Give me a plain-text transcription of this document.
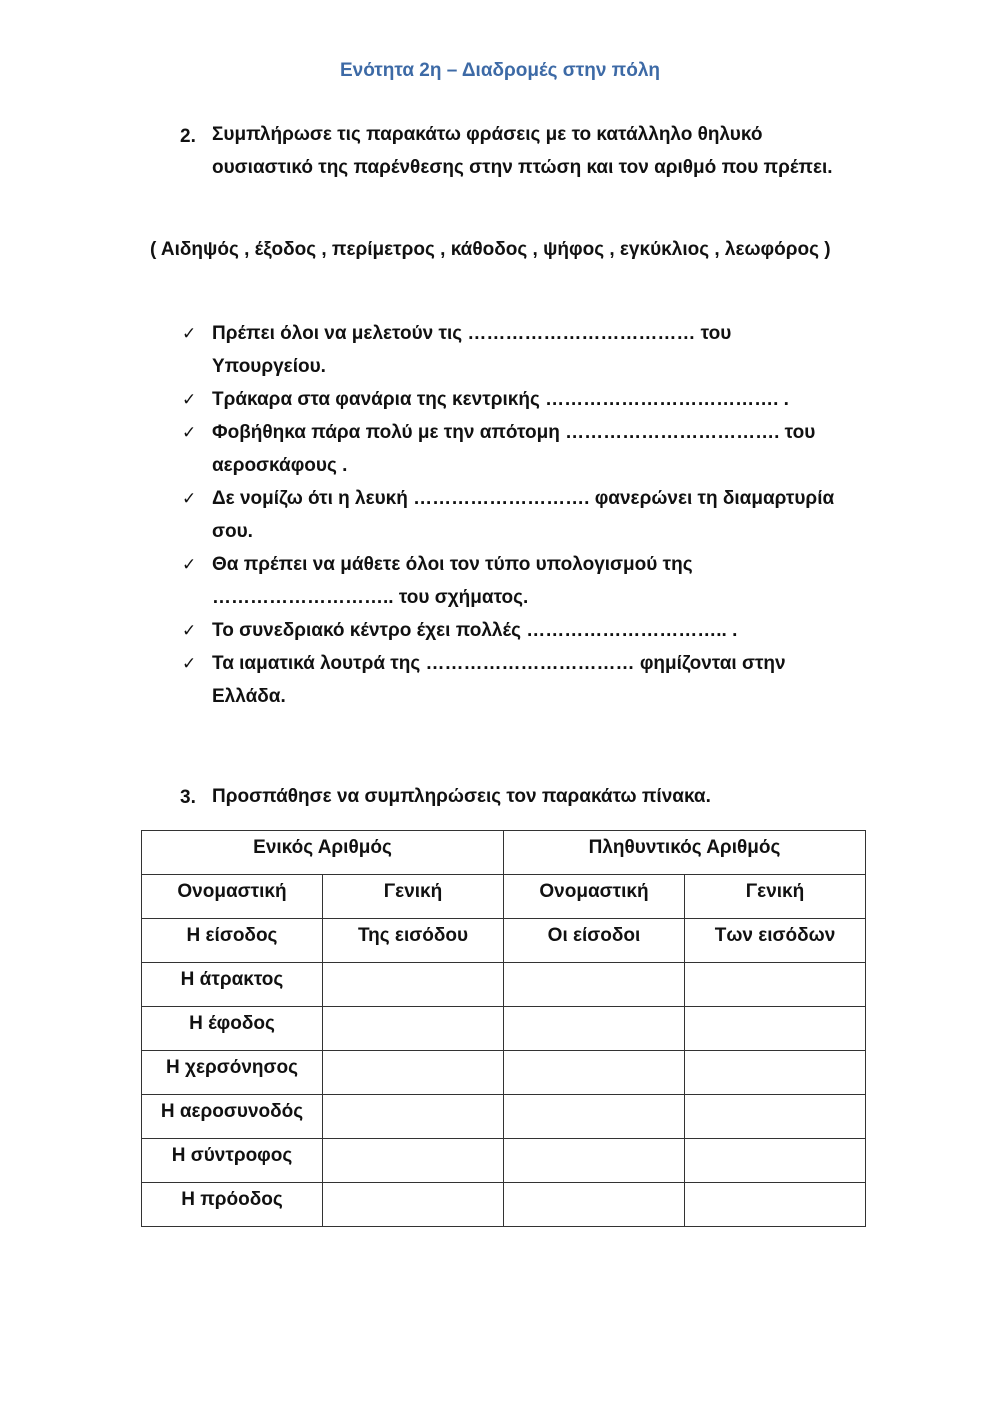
Ενότητα 2η – Διαδρομές στην πόλη
2. Συμπλήρωσε τις παρακάτω φράσεις με το κατάλληλο θηλυκό ουσιαστικό της παρένθεσης στην πτώση και τον αριθμό που πρέπει.
( Αιδηψός , έξοδος , περίμετρος , κάθοδος , ψήφος , εγκύκλιος , λεωφόρος )
✓ Πρέπει όλοι να μελετούν τις ……………………………… του Υπουργείου.
✓ Τράκαρα στα φανάρια της κεντρικής ………………………………. .
✓ Φοβήθηκα πάρα πολύ με την απότομη ……………………………. του αεροσκάφους .
✓ Δε νομίζω ότι η λευκή ………………………. φανερώνει τη διαμαρτυρία σου.
✓ Θα πρέπει να μάθετε όλοι τον τύπο υπολογισμού της ……………………….. του σχήματος.
✓ Το συνεδριακό κέντρο έχει πολλές ………………………….. .
✓ Τα ιαματικά λουτρά της …………………………… φημίζονται στην Ελλάδα.
3. Προσπάθησε να συμπληρώσεις τον παρακάτω πίνακα.
Ενικός Αριθμός		Πληθυντικός Αριθμός	
Ονομαστική	Γενική	Ονομαστική	Γενική
Η είσοδος	Της εισόδου	Οι είσοδοι	Των εισόδων
Η άτρακτος			
Η έφοδος			
Η χερσόνησος			
Η αεροσυνοδός			
Η σύντροφος			
Η πρόοδος			
